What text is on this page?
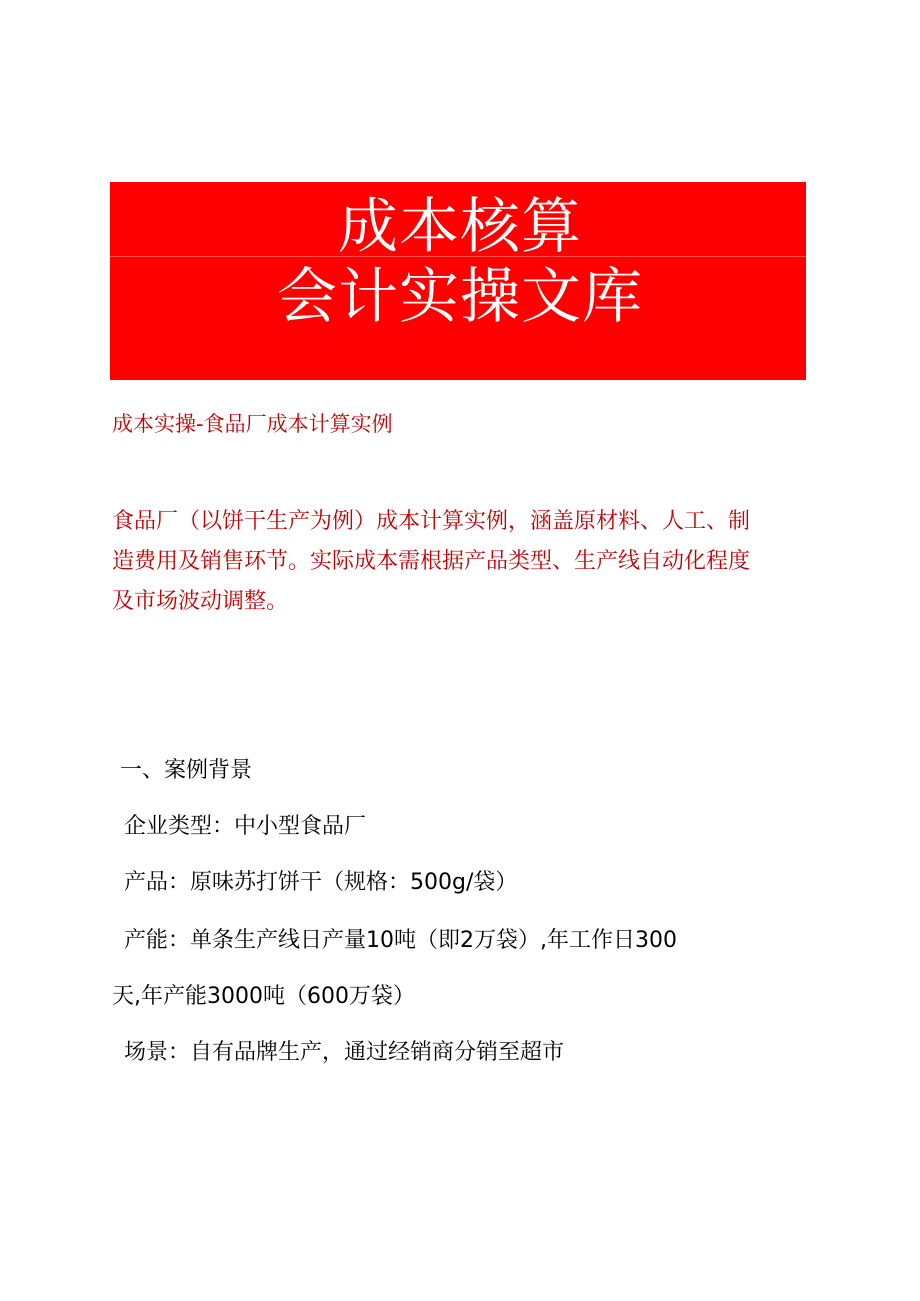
成本核算
会计实操文库
成本实操-食品厂成本计算实例

食品厂（以饼干生产为例）成本计算实例，涵盖原材料、人工、制

造费用及销售环节。实际成本需根据产品类型、生产线自动化程度

及市场波动调整。

一、案例背景
企业类型：中小型食品厂
产品：原味苏打饼干（规格：500g/袋）
产能：单条生产线日产量10吨（即2万袋）,年工作日300
天,年产能3000吨（600万袋）
场景：自有品牌生产，通过经销商分销至超市
